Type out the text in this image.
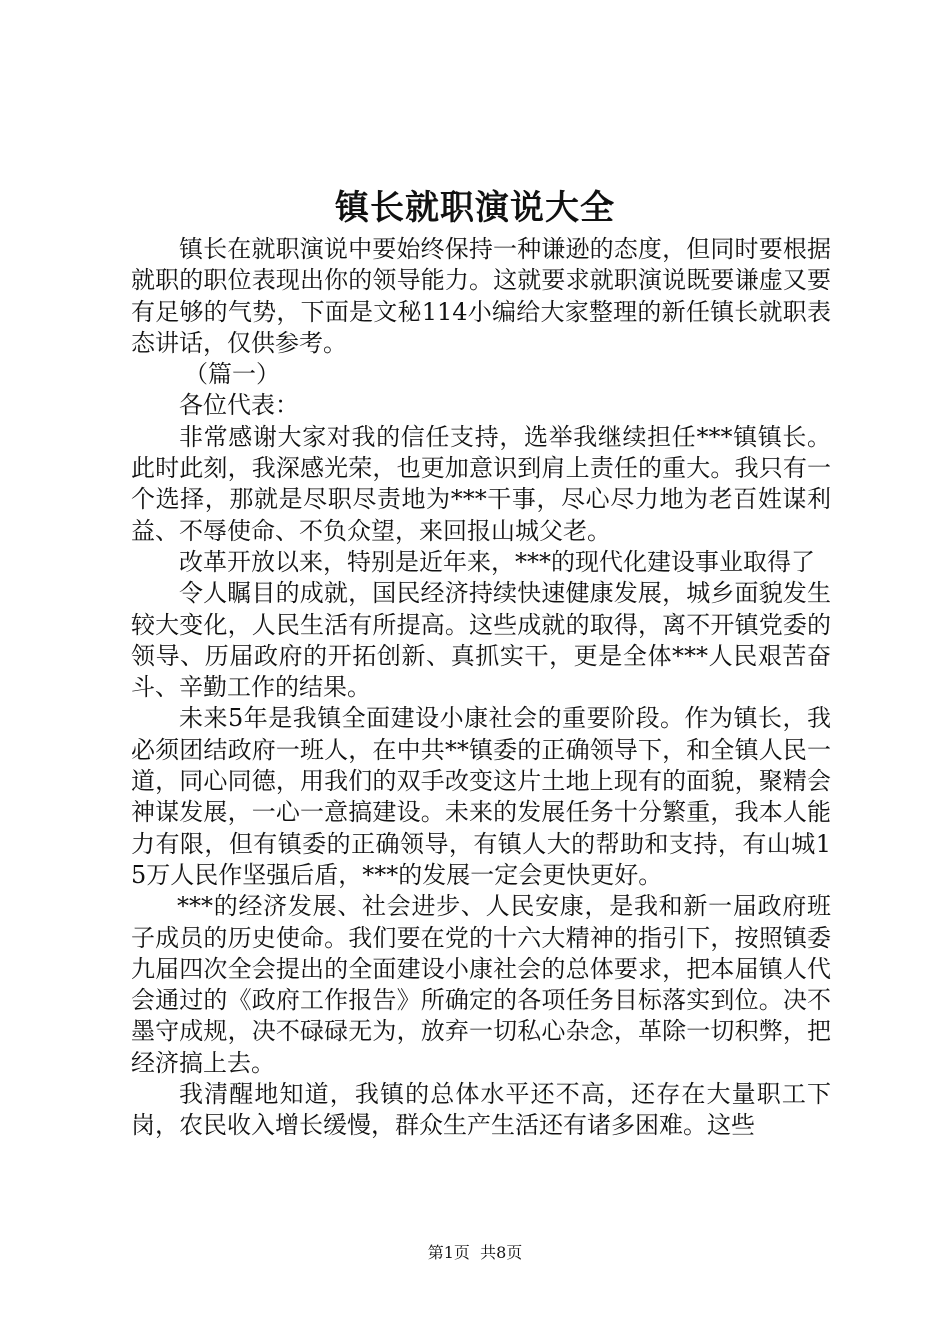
镇长就职演说大全

镇长在就职演说中要始终保持一种谦逊的态度，但同时要根据就职的职位表现出你的领导能力。这就要求就职演说既要谦虚又要有足够的气势，下面是文秘114小编给大家整理的新任镇长就职表态讲话，仅供参考。

（篇一）

各位代表：

非常感谢大家对我的信任支持，选举我继续担任***镇镇长。此时此刻，我深感光荣，也更加意识到肩上责任的重大。我只有一个选择，那就是尽职尽责地为***干事，尽心尽力地为老百姓谋利益、不辱使命、不负众望，来回报山城父老。

改革开放以来，特别是近年来，***的现代化建设事业取得了

令人瞩目的成就，国民经济持续快速健康发展，城乡面貌发生较大变化，人民生活有所提高。这些成就的取得，离不开镇党委的领导、历届政府的开拓创新、真抓实干，更是全体***人民艰苦奋斗、辛勤工作的结果。

未来5年是我镇全面建设小康社会的重要阶段。作为镇长，我必须团结政府一班人，在中共**镇委的正确领导下，和全镇人民一道，同心同德，用我们的双手改变这片土地上现有的面貌，聚精会神谋发展，一心一意搞建设。未来的发展任务十分繁重，我本人能力有限，但有镇委的正确领导，有镇人大的帮助和支持，有山城15万人民作坚强后盾，***的发展一定会更快更好。

***的经济发展、社会进步、人民安康，是我和新一届政府班子成员的历史使命。我们要在党的十六大精神的指引下，按照镇委九届四次全会提出的全面建设小康社会的总体要求，把本届镇人代会通过的《政府工作报告》所确定的各项任务目标落实到位。决不墨守成规，决不碌碌无为，放弃一切私心杂念，革除一切积弊，把经济搞上去。

我清醒地知道，我镇的总体水平还不高，还存在大量职工下岗，农民收入增长缓慢，群众生产生活还有诸多困难。这些

第1页 共8页
